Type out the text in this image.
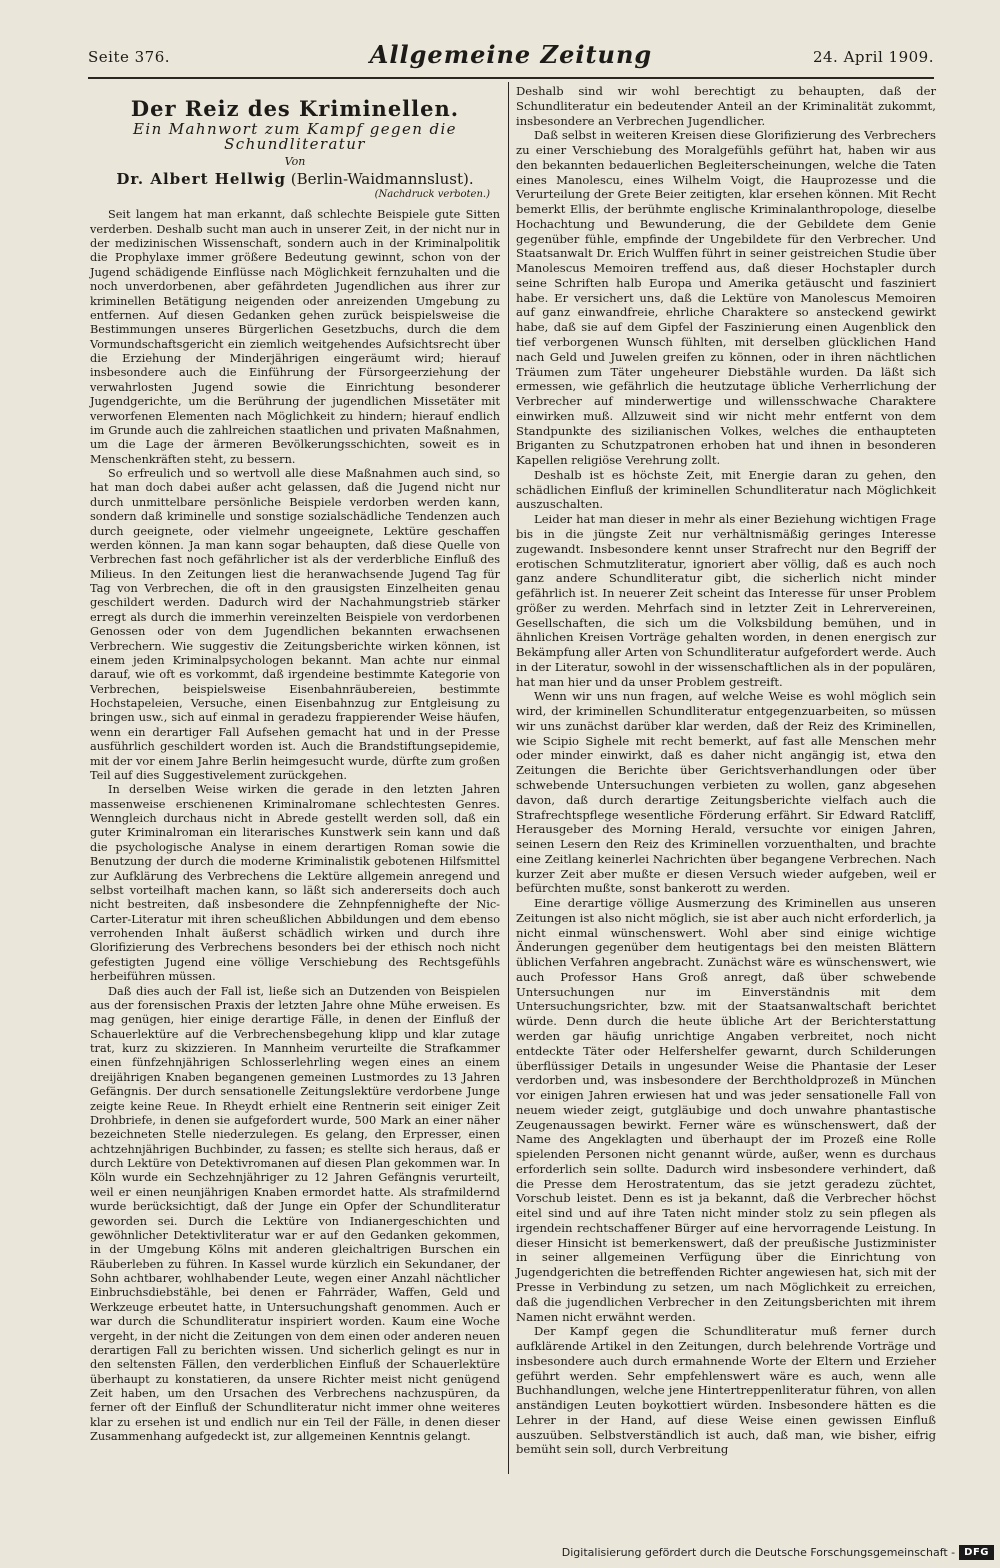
Seite 376.	Allgemeine Zeitung	24. April 1909.
Der Reiz des Kriminellen.
Ein Mahnwort zum Kampf gegen die Schundliteratur
Von
Dr. Albert Hellwig (Berlin-Waidmannslust).
(Nachdruck verboten.)

Seit langem hat man erkannt, daß schlechte Beispiele gute Sitten verderben. Deshalb sucht man auch in unserer Zeit, in der nicht nur in der medizinischen Wissenschaft, sondern auch in der Kriminalpolitik die Prophylaxe immer größere Bedeutung gewinnt, schon von der Jugend schädigende Einflüsse nach Möglichkeit fernzuhalten und die noch unverdorbenen, aber gefährdeten Jugendlichen aus ihrer zur kriminellen Betätigung neigenden oder anreizenden Umgebung zu entfernen. Auf diesen Gedanken gehen zurück beispielsweise die Bestimmungen unseres Bürgerlichen Gesetzbuchs, durch die dem Vormundschaftsgericht ein ziemlich weitgehendes Aufsichtsrecht über die Erziehung der Minderjährigen eingeräumt wird; hierauf insbesondere auch die Einführung der Fürsorgeerziehung der verwahrlosten Jugend sowie die Einrichtung besonderer Jugendgerichte, um die Berührung der jugendlichen Missetäter mit verworfenen Elementen nach Möglichkeit zu hindern; hierauf endlich im Grunde auch die zahlreichen staatlichen und privaten Maßnahmen, um die Lage der ärmeren Bevölkerungsschichten, soweit es in Menschenkräften steht, zu bessern.

So erfreulich und so wertvoll alle diese Maßnahmen auch sind, so hat man doch dabei außer acht gelassen, daß die Jugend nicht nur durch unmittelbare persönliche Beispiele verdorben werden kann, sondern daß kriminelle und sonstige sozialschädliche Tendenzen auch durch geeignete, oder vielmehr ungeeignete, Lektüre geschaffen werden können. Ja man kann sogar behaupten, daß diese Quelle von Verbrechen fast noch gefährlicher ist als der verderbliche Einfluß des Milieus. In den Zeitungen liest die heranwachsende Jugend Tag für Tag von Verbrechen, die oft in den grausigsten Einzelheiten genau geschildert werden. Dadurch wird der Nachahmungstrieb stärker erregt als durch die immerhin vereinzelten Beispiele von verdorbenen Genossen oder von dem Jugendlichen bekannten erwachsenen Verbrechern. Wie suggestiv die Zeitungsberichte wirken können, ist einem jeden Kriminalpsychologen bekannt. Man achte nur einmal darauf, wie oft es vorkommt, daß irgendeine bestimmte Kategorie von Verbrechen, beispielsweise Eisenbahnräubereien, bestimmte Hochstapeleien, Versuche, einen Eisenbahnzug zur Entgleisung zu bringen usw., sich auf einmal in geradezu frappierender Weise häufen, wenn ein derartiger Fall Aufsehen gemacht hat und in der Presse ausführlich geschildert worden ist. Auch die Brandstiftungsepidemie, mit der vor einem Jahre Berlin heimgesucht wurde, dürfte zum großen Teil auf dies Suggestivelement zurückgehen.

In derselben Weise wirken die gerade in den letzten Jahren massenweise erschienenen Kriminalromane schlechtesten Genres. Wenngleich durchaus nicht in Abrede gestellt werden soll, daß ein guter Kriminalroman ein literarisches Kunstwerk sein kann und daß die psychologische Analyse in einem derartigen Roman sowie die Benutzung der durch die moderne Kriminalistik gebotenen Hilfsmittel zur Aufklärung des Verbrechens die Lektüre allgemein anregend und selbst vorteilhaft machen kann, so läßt sich andererseits doch auch nicht bestreiten, daß insbesondere die Zehnpfennighefte der Nic-Carter-Literatur mit ihren scheußlichen Abbildungen und dem ebenso verrohenden Inhalt äußerst schädlich wirken und durch ihre Glorifizierung des Verbrechens besonders bei der ethisch noch nicht gefestigten Jugend eine völlige Verschiebung des Rechtsgefühls herbeiführen müssen.

Daß dies auch der Fall ist, ließe sich an Dutzenden von Beispielen aus der forensischen Praxis der letzten Jahre ohne Mühe erweisen. Es mag genügen, hier einige derartige Fälle, in denen der Einfluß der Schauerlektüre auf die Verbrechensbegehung klipp und klar zutage trat, kurz zu skizzieren. In Mannheim verurteilte die Strafkammer einen fünfzehnjährigen Schlosserlehrling wegen eines an einem dreijährigen Knaben begangenen gemeinen Lustmordes zu 13 Jahren Gefängnis. Der durch sensationelle Zeitungslektüre verdorbene Junge zeigte keine Reue. In Rheydt erhielt eine Rentnerin seit einiger Zeit Drohbriefe, in denen sie aufgefordert wurde, 500 Mark an einer näher bezeichneten Stelle niederzulegen. Es gelang, den Erpresser, einen achtzehnjährigen Buchbinder, zu fassen; es stellte sich heraus, daß er durch Lektüre von Detektivromanen auf diesen Plan gekommen war. In Köln wurde ein Sechzehnjähriger zu 12 Jahren Gefängnis verurteilt, weil er einen neunjährigen Knaben ermordet hatte. Als strafmildernd wurde berücksichtigt, daß der Junge ein Opfer der Schundliteratur geworden sei. Durch die Lektüre von Indianergeschichten und gewöhnlicher Detektivliteratur war er auf den Gedanken gekommen, in der Umgebung Kölns mit anderen gleichaltrigen Burschen ein Räuberleben zu führen. In Kassel wurde kürzlich ein Sekundaner, der Sohn achtbarer, wohlhabender Leute, wegen einer Anzahl nächtlicher Einbruchsdiebstähle, bei denen er Fahrräder, Waffen, Geld und Werkzeuge erbeutet hatte, in Untersuchungshaft genommen. Auch er war durch die Schundliteratur inspiriert worden. Kaum eine Woche vergeht, in der nicht die Zeitungen von dem einen oder anderen neuen derartigen Fall zu berichten wissen. Und sicherlich gelingt es nur in den seltensten Fällen, den verderblichen Einfluß der Schauerlektüre überhaupt zu konstatieren, da unsere Richter meist nicht genügend Zeit haben, um den Ursachen des Verbrechens nachzuspüren, da ferner oft der Einfluß der Schundliteratur nicht immer ohne weiteres klar zu ersehen ist und endlich nur ein Teil der Fälle, in denen dieser Zusammenhang aufgedeckt ist, zur allgemeinen Kenntnis gelangt.

Deshalb sind wir wohl berechtigt zu behaupten, daß der Schundliteratur ein bedeutender Anteil an der Kriminalität zukommt, insbesondere an Verbrechen Jugendlicher.

Daß selbst in weiteren Kreisen diese Glorifizierung des Verbrechers zu einer Verschiebung des Moralgefühls geführt hat, haben wir aus den bekannten bedauerlichen Begleiterscheinungen, welche die Taten eines Manolescu, eines Wilhelm Voigt, die Hauprozesse und die Verurteilung der Grete Beier zeitigten, klar ersehen können. Mit Recht bemerkt Ellis, der berühmte englische Kriminalanthropologe, dieselbe Hochachtung und Bewunderung, die der Gebildete dem Genie gegenüber fühle, empfinde der Ungebildete für den Verbrecher. Und Staatsanwalt Dr. Erich Wulffen führt in seiner geistreichen Studie über Manolescus Memoiren treffend aus, daß dieser Hochstapler durch seine Schriften halb Europa und Amerika getäuscht und fasziniert habe. Er versichert uns, daß die Lektüre von Manolescus Memoiren auf ganz einwandfreie, ehrliche Charaktere so ansteckend gewirkt habe, daß sie auf dem Gipfel der Faszinierung einen Augenblick den tief verborgenen Wunsch fühlten, mit derselben glücklichen Hand nach Geld und Juwelen greifen zu können, oder in ihren nächtlichen Träumen zum Täter ungeheurer Diebstähle wurden. Da läßt sich ermessen, wie gefährlich die heutzutage übliche Verherrlichung der Verbrecher auf minderwertige und willensschwache Charaktere einwirken muß. Allzuweit sind wir nicht mehr entfernt von dem Standpunkte des sizilianischen Volkes, welches die enthaupteten Briganten zu Schutzpatronen erhoben hat und ihnen in besonderen Kapellen religiöse Verehrung zollt.

Deshalb ist es höchste Zeit, mit Energie daran zu gehen, den schädlichen Einfluß der kriminellen Schundliteratur nach Möglichkeit auszuschalten.

Leider hat man dieser in mehr als einer Beziehung wichtigen Frage bis in die jüngste Zeit nur verhältnismäßig geringes Interesse zugewandt. Insbesondere kennt unser Strafrecht nur den Begriff der erotischen Schmutzliteratur, ignoriert aber völlig, daß es auch noch ganz andere Schundliteratur gibt, die sicherlich nicht minder gefährlich ist. In neuerer Zeit scheint das Interesse für unser Problem größer zu werden. Mehrfach sind in letzter Zeit in Lehrervereinen, Gesellschaften, die sich um die Volksbildung bemühen, und in ähnlichen Kreisen Vorträge gehalten worden, in denen energisch zur Bekämpfung aller Arten von Schundliteratur aufgefordert werde. Auch in der Literatur, sowohl in der wissenschaftlichen als in der populären, hat man hier und da unser Problem gestreift.

Wenn wir uns nun fragen, auf welche Weise es wohl möglich sein wird, der kriminellen Schundliteratur entgegenzuarbeiten, so müssen wir uns zunächst darüber klar werden, daß der Reiz des Kriminellen, wie Scipio Sighele mit recht bemerkt, auf fast alle Menschen mehr oder minder einwirkt, daß es daher nicht angängig ist, etwa den Zeitungen die Berichte über Gerichtsverhandlungen oder über schwebende Untersuchungen verbieten zu wollen, ganz abgesehen davon, daß durch derartige Zeitungsberichte vielfach auch die Strafrechtspflege wesentliche Förderung erfährt. Sir Edward Ratcliff, Herausgeber des Morning Herald, versuchte vor einigen Jahren, seinen Lesern den Reiz des Kriminellen vorzuenthalten, und brachte eine Zeitlang keinerlei Nachrichten über begangene Verbrechen. Nach kurzer Zeit aber mußte er diesen Versuch wieder aufgeben, weil er befürchten mußte, sonst bankerott zu werden.

Eine derartige völlige Ausmerzung des Kriminellen aus unseren Zeitungen ist also nicht möglich, sie ist aber auch nicht erforderlich, ja nicht einmal wünschenswert. Wohl aber sind einige wichtige Änderungen gegenüber dem heutigentags bei den meisten Blättern üblichen Verfahren angebracht. Zunächst wäre es wünschenswert, wie auch Professor Hans Groß anregt, daß über schwebende Untersuchungen nur im Einverständnis mit dem Untersuchungsrichter, bzw. mit der Staatsanwaltschaft berichtet würde. Denn durch die heute übliche Art der Berichterstattung werden gar häufig unrichtige Angaben verbreitet, noch nicht entdeckte Täter oder Helfershelfer gewarnt, durch Schilderungen überflüssiger Details in ungesunder Weise die Phantasie der Leser verdorben und, was insbesondere der Berchtholdprozeß in München vor einigen Jahren erwiesen hat und was jeder sensationelle Fall von neuem wieder zeigt, gutgläubige und doch unwahre phantastische Zeugenaussagen bewirkt. Ferner wäre es wünschenswert, daß der Name des Angeklagten und überhaupt der im Prozeß eine Rolle spielenden Personen nicht genannt würde, außer, wenn es durchaus erforderlich sein sollte. Dadurch wird insbesondere verhindert, daß die Presse dem Herostratentum, das sie jetzt geradezu züchtet, Vorschub leistet. Denn es ist ja bekannt, daß die Verbrecher höchst eitel sind und auf ihre Taten nicht minder stolz zu sein pflegen als irgendein rechtschaffener Bürger auf eine hervorragende Leistung. In dieser Hinsicht ist bemerkenswert, daß der preußische Justizminister in seiner allgemeinen Verfügung über die Einrichtung von Jugendgerichten die betreffenden Richter angewiesen hat, sich mit der Presse in Verbindung zu setzen, um nach Möglichkeit zu erreichen, daß die jugendlichen Verbrecher in den Zeitungsberichten mit ihrem Namen nicht erwähnt werden.

Der Kampf gegen die Schundliteratur muß ferner durch aufklärende Artikel in den Zeitungen, durch belehrende Vorträge und insbesondere auch durch ermahnende Worte der Eltern und Erzieher geführt werden. Sehr empfehlenswert wäre es auch, wenn alle Buchhandlungen, welche jene Hintertreppenliteratur führen, von allen anständigen Leuten boykottiert würden. Insbesondere hätten es die Lehrer in der Hand, auf diese Weise einen gewissen Einfluß auszuüben. Selbstverständlich ist auch, daß man, wie bisher, eifrig bemüht sein soll, durch Verbreitung

Digitalisierung gefördert durch die Deutsche Forschungsgemeinschaft - DFG
